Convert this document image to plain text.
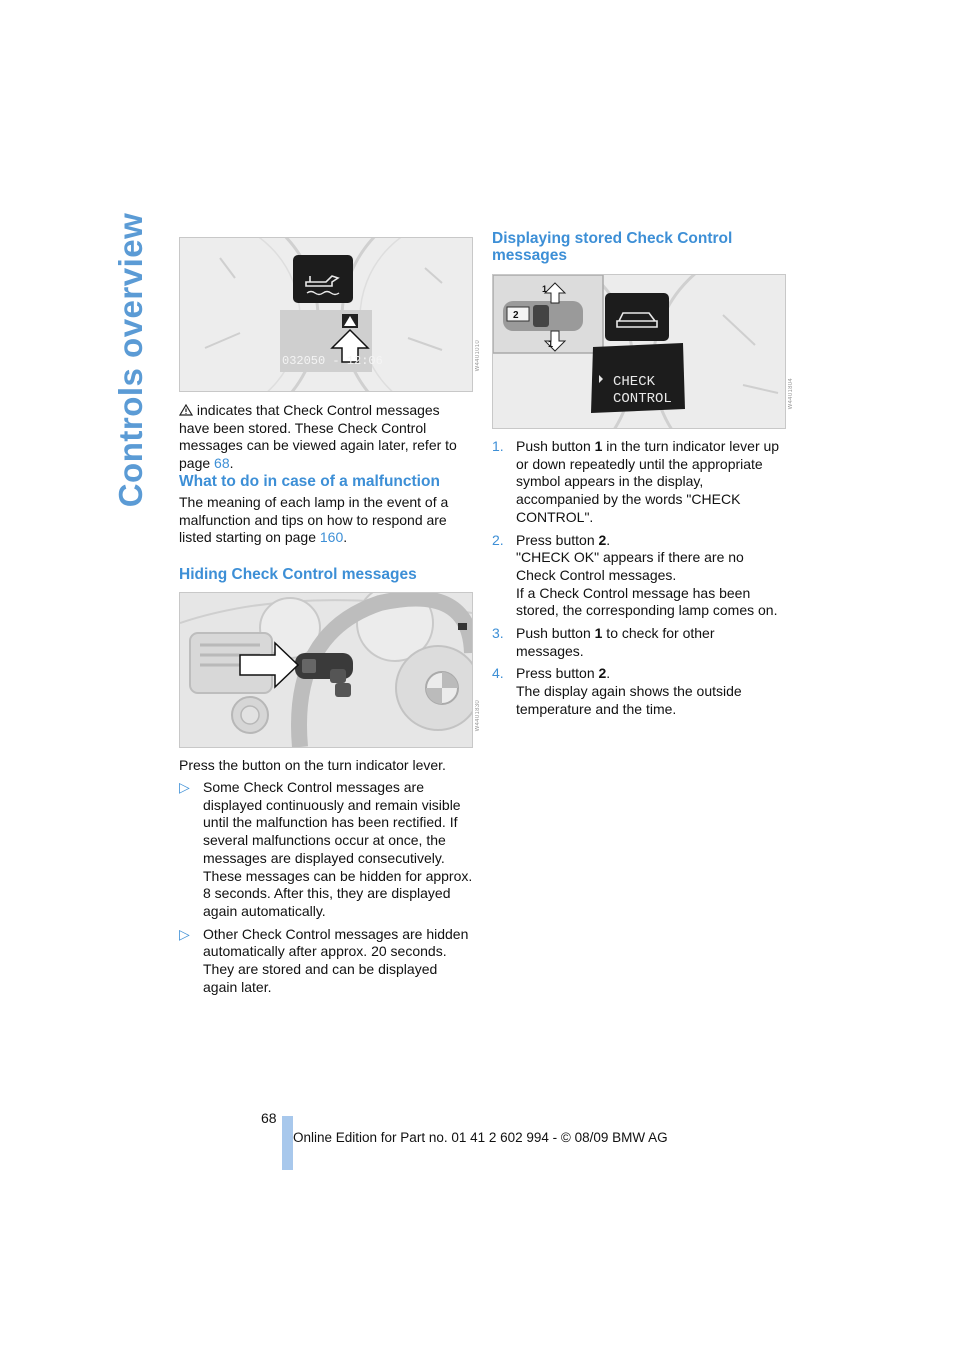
Controls overview	032050 - 12:06	W4401010

indicates that Check Control messages have been stored. These Check Control messages can be viewed again later, refer to page 68.

What to do in case of a malfunction

The meaning of each lamp in the event of a malfunction and tips on how to respond are listed starting on page 160.

Hiding Check Control messages
W4401830

Press the button on the turn indicator lever.

▷ Some Check Control messages are displayed continuously and remain visible until the malfunction has been rectified. If several malfunctions occur at once, the messages are displayed consecutively.

These messages can be hidden for approx. 8 seconds. After this, they are displayed again automatically.

▷ Other Check Control messages are hidden automatically after approx. 20 seconds. They are stored and can be displayed again later.

Displaying stored Check Control messages
2
1
1
CHECK
CONTROL	W4401804
1. Push button 1 in the turn indicator lever up or down repeatedly until the appropriate symbol appears in the display, accompanied by the words "CHECK CONTROL".

2. Press button 2.

"CHECK OK" appears if there are no Check Control messages.

If a Check Control message has been stored, the corresponding lamp comes on.

3. Push button 1 to check for other messages.

4. Press button 2.

The display again shows the outside temperature and the time.

68
Online Edition for Part no. 01 41 2 602 994 - © 08/09 BMW AG
